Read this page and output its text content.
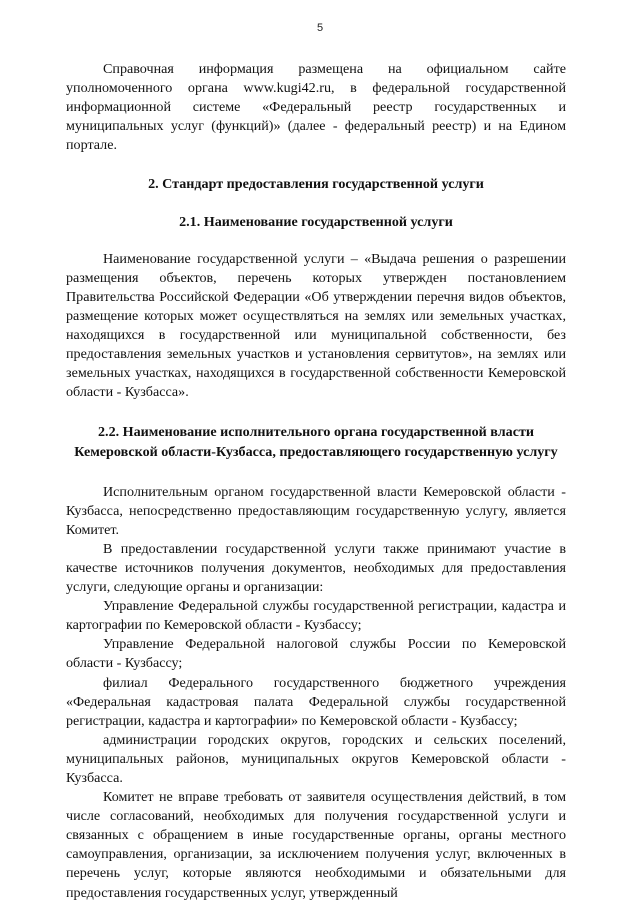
5

Справочная информация размещена на официальном сайте уполномоченного органа www.kugi42.ru, в федеральной государственной информационной системе «Федеральный реестр государственных и муниципальных услуг (функций)» (далее - федеральный реестр) и на Едином портале.

2. Стандарт предоставления государственной услуги
2.1. Наименование государственной услуги

Наименование государственной услуги – «Выдача решения о разрешении размещения объектов, перечень которых утвержден постановлением Правительства Российской Федерации «Об утверждении перечня видов объектов, размещение которых может осуществляться на землях или земельных участках, находящихся в государственной или муниципальной собственности, без предоставления земельных участков и установления сервитутов», на землях или земельных участках, находящихся в государственной собственности Кемеровской области - Кузбасса».

2.2. Наименование исполнительного органа государственной власти Кемеровской области-Кузбасса, предоставляющего государственную услугу

Исполнительным органом государственной власти Кемеровской области - Кузбасса, непосредственно предоставляющим государственную услугу, является Комитет.

В предоставлении государственной услуги также принимают участие в качестве источников получения документов, необходимых для предоставления услуги, следующие органы и организации:

Управление Федеральной службы государственной регистрации, кадастра и картографии по Кемеровской области - Кузбассу;

Управление Федеральной налоговой службы России по Кемеровской области - Кузбассу;

филиал Федерального государственного бюджетного учреждения «Федеральная кадастровая палата Федеральной службы государственной регистрации, кадастра и картографии» по Кемеровской области - Кузбассу;

администрации городских округов, городских и сельских поселений, муниципальных районов, муниципальных округов Кемеровской области - Кузбасса.

Комитет не вправе требовать от заявителя осуществления действий, в том числе согласований, необходимых для получения государственной услуги и связанных с обращением в иные государственные органы, органы местного самоуправления, организации, за исключением получения услуг, включенных в перечень услуг, которые являются необходимыми и обязательными для предоставления государственных услуг, утвержденный
